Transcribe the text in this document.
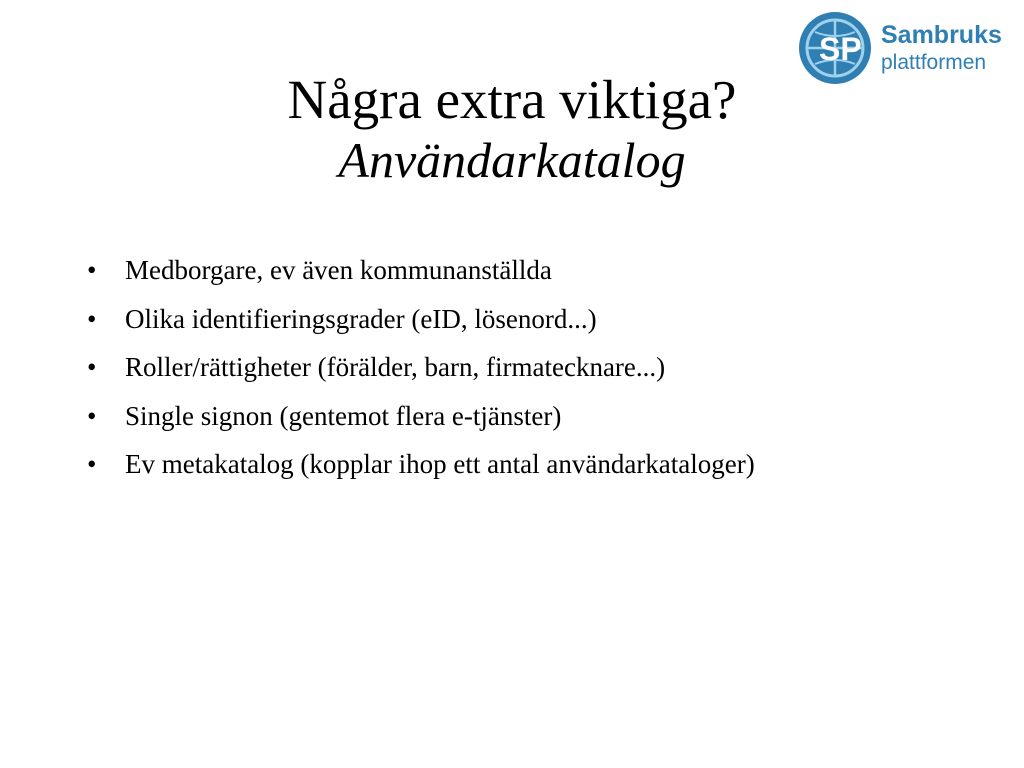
SP Sambruks
plattformen
Några extra viktiga?
Användarkatalog
• Medborgare, ev även kommunanställda
• Olika identifieringsgrader (eID, lösenord...)
• Roller/rättigheter (förälder, barn, firmatecknare...)
• Single signon (gentemot flera e-tjänster)
• Ev metakatalog (kopplar ihop ett antal användarkataloger)
